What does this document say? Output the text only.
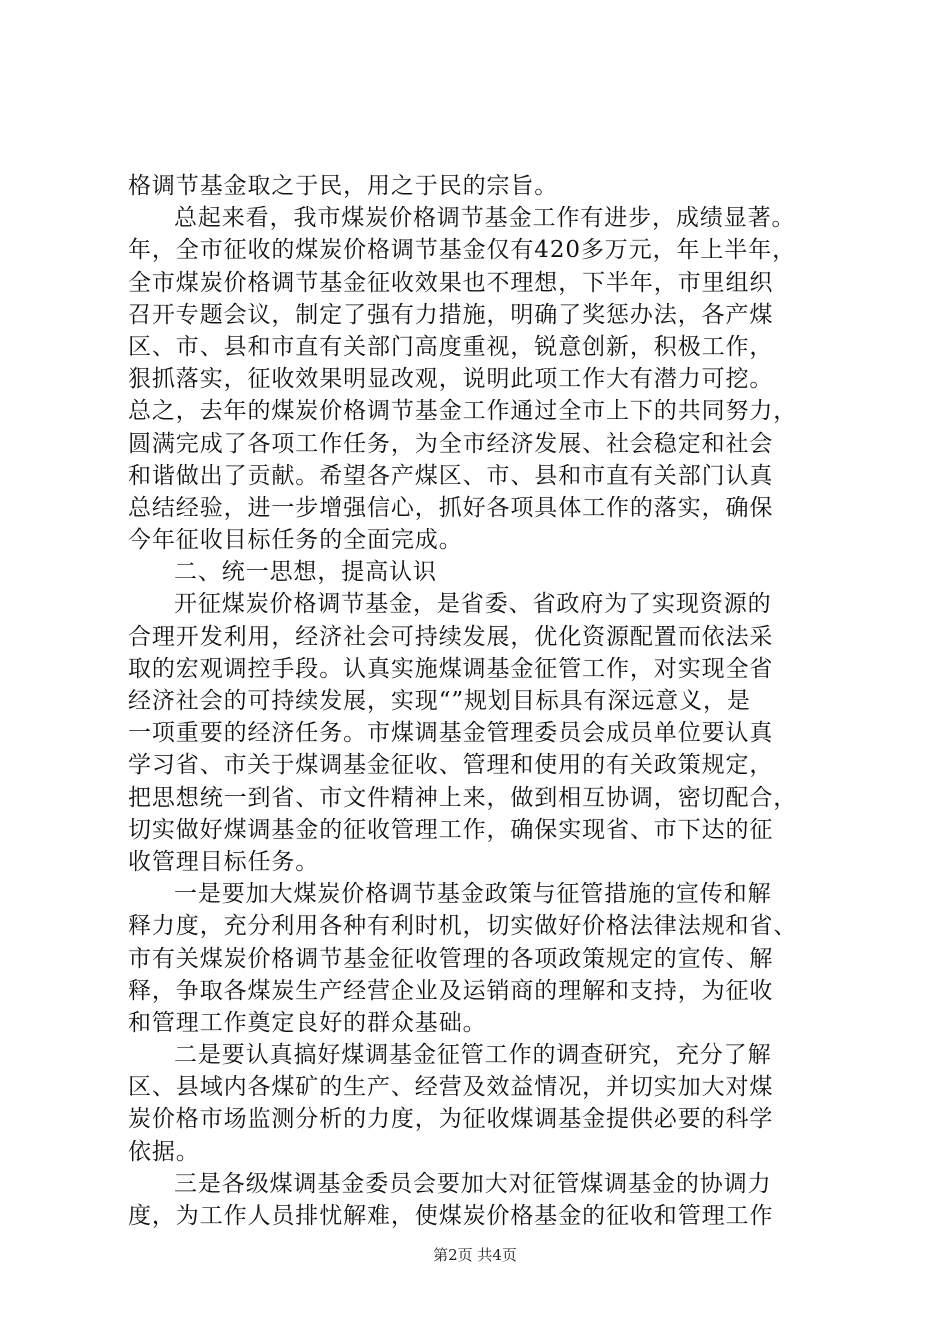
格调节基金取之于民，用之于民的宗旨。
总起来看，我市煤炭价格调节基金工作有进步，成绩显著。
年，全市征收的煤炭价格调节基金仅有420多万元，年上半年，
全市煤炭价格调节基金征收效果也不理想，下半年，市里组织
召开专题会议，制定了强有力措施，明确了奖惩办法，各产煤
区、市、县和市直有关部门高度重视，锐意创新，积极工作，
狠抓落实，征收效果明显改观，说明此项工作大有潜力可挖。
总之，去年的煤炭价格调节基金工作通过全市上下的共同努力，
圆满完成了各项工作任务，为全市经济发展、社会稳定和社会
和谐做出了贡献。希望各产煤区、市、县和市直有关部门认真
总结经验，进一步增强信心，抓好各项具体工作的落实，确保
今年征收目标任务的全面完成。
二、统一思想，提高认识
开征煤炭价格调节基金，是省委、省政府为了实现资源的
合理开发利用，经济社会可持续发展，优化资源配置而依法采
取的宏观调控手段。认真实施煤调基金征管工作，对实现全省
经济社会的可持续发展，实现“”规划目标具有深远意义，是
一项重要的经济任务。市煤调基金管理委员会成员单位要认真
学习省、市关于煤调基金征收、管理和使用的有关政策规定，
把思想统一到省、市文件精神上来，做到相互协调，密切配合，
切实做好煤调基金的征收管理工作，确保实现省、市下达的征
收管理目标任务。
一是要加大煤炭价格调节基金政策与征管措施的宣传和解
释力度，充分利用各种有利时机，切实做好价格法律法规和省、
市有关煤炭价格调节基金征收管理的各项政策规定的宣传、解
释，争取各煤炭生产经营企业及运销商的理解和支持，为征收
和管理工作奠定良好的群众基础。
二是要认真搞好煤调基金征管工作的调查研究，充分了解
区、县域内各煤矿的生产、经营及效益情况，并切实加大对煤
炭价格市场监测分析的力度，为征收煤调基金提供必要的科学
依据。
三是各级煤调基金委员会要加大对征管煤调基金的协调力
度，为工作人员排忧解难，使煤炭价格基金的征收和管理工作
第2页 共4页
